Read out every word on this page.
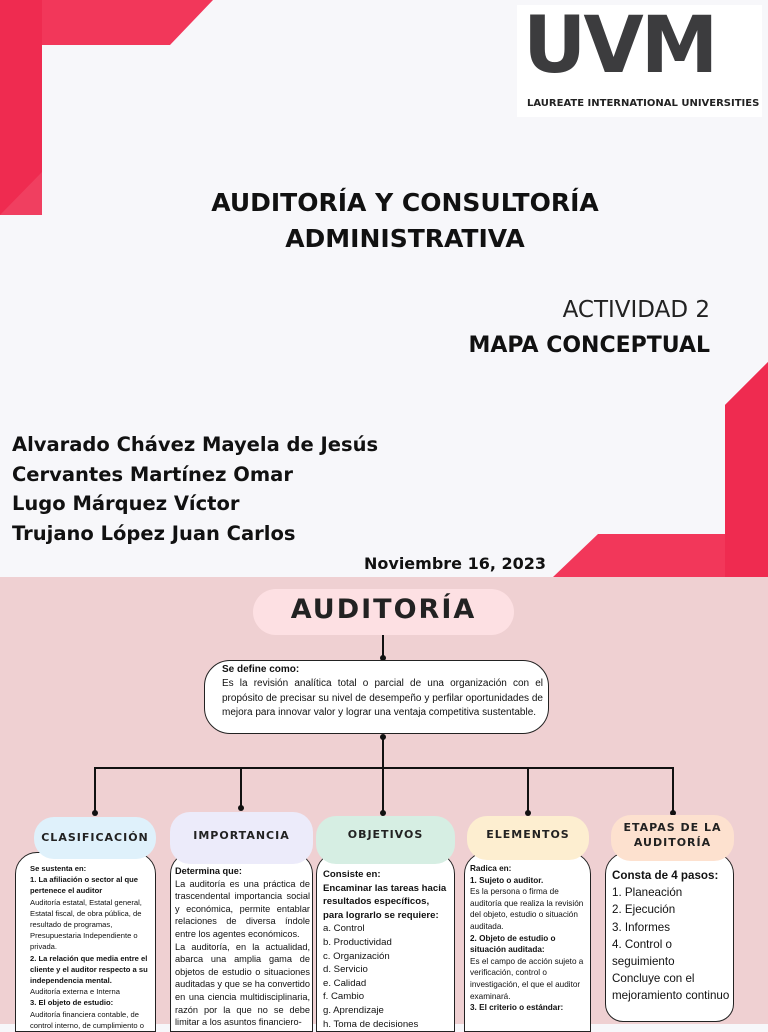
UVM
LAUREATE INTERNATIONAL UNIVERSITIES
AUDITORÍA Y CONSULTORÍA
ADMINISTRATIVA
ACTIVIDAD 2
MAPA CONCEPTUAL
Alvarado Chávez Mayela de Jesús
Cervantes Martínez Omar
Lugo Márquez Víctor
Trujano López Juan Carlos
Noviembre 16, 2023
AUDITORÍA

Se define como:

Es la revisión analítica total o parcial de una organización con el propósito de precisar su nivel de desempeño y perfilar oportunidades de mejora para innovar valor y lograr una ventaja competitiva sustentable.

Se sustenta en:

1. La afiliación o sector al que pertenece el auditor

Auditoría estatal, Estatal general, Estatal fiscal, de obra pública, de resultado de programas, Presupuestaria Independiente o privada.

2. La relación que media entre el cliente y el auditor respecto a su independencia mental.

Auditoría externa e Interna

3. El objeto de estudio:

Auditoría financiera contable, de control interno, de cumplimiento o

CLASIFICACIÓN

Determina que:

La auditoría es una práctica de trascendental importancia social y económica, permite entablar relaciones de diversa índole entre los agentes económicos.

La auditoría, en la actualidad, abarca una amplia gama de objetos de estudio o situaciones auditadas y que se ha convertido en una ciencia multidisciplinaria, razón por la que no se debe limitar a los asuntos financiero-

IMPORTANCIA

Consiste en:

Encaminar las tareas hacia resultados específicos, para lograrlo se requiere:

a. Control

b. Productividad

c. Organización

d. Servicio

e. Calidad

f. Cambio

g. Aprendizaje

h. Toma de decisiones

OBJETIVOS

Radica en:

1. Sujeto o auditor.

Es la persona o firma de auditoría que realiza la revisión del objeto, estudio o situación auditada.

2. Objeto de estudio o situación auditada:

Es el campo de acción sujeto a verificación, control o investigación, el que el auditor examinará.

3. El criterio o estándar:

ELEMENTOS

Consta de 4 pasos:

1. Planeación

2. Ejecución

3. Informes

4. Control o seguimiento

Concluye con el mejoramiento continuo

ETAPAS DE LA
AUDITORÍA
